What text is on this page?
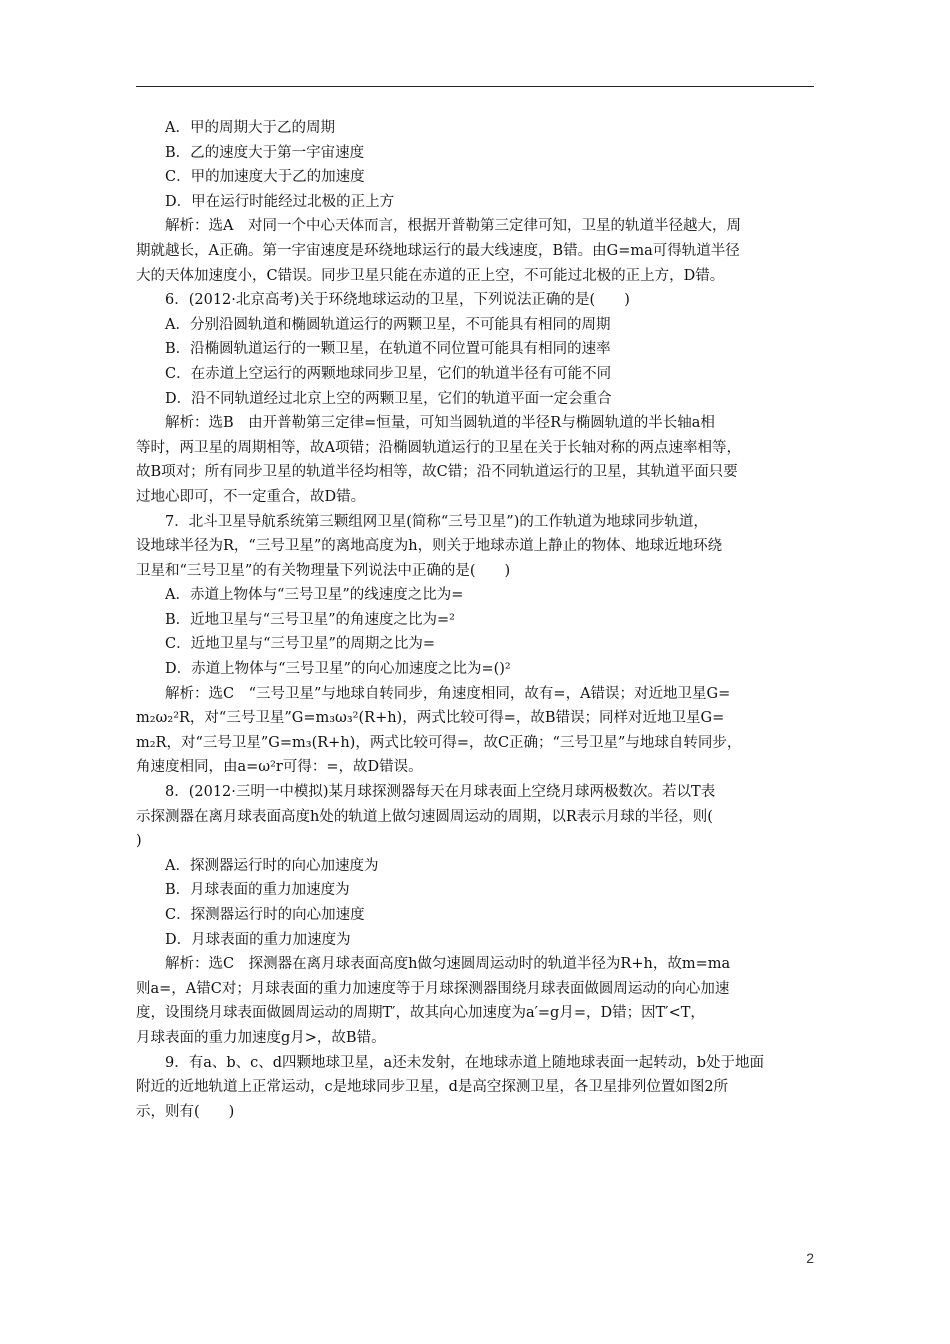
A．甲的周期大于乙的周期
B．乙的速度大于第一宇宙速度
C．甲的加速度大于乙的加速度
D．甲在运行时能经过北极的正上方
解析：选A　对同一个中心天体而言，根据开普勒第三定律可知，卫星的轨道半径越大，周
期就越长，A正确。第一宇宙速度是环绕地球运行的最大线速度，B错。由G=ma可得轨道半径
大的天体加速度小，C错误。同步卫星只能在赤道的正上空，不可能过北极的正上方，D错。
6．(2012·北京高考)关于环绕地球运动的卫星，下列说法正确的是(　　)
A．分别沿圆轨道和椭圆轨道运行的两颗卫星，不可能具有相同的周期
B．沿椭圆轨道运行的一颗卫星，在轨道不同位置可能具有相同的速率
C．在赤道上空运行的两颗地球同步卫星，它们的轨道半径有可能不同
D．沿不同轨道经过北京上空的两颗卫星，它们的轨道平面一定会重合
解析：选B　由开普勒第三定律=恒量，可知当圆轨道的半径R与椭圆轨道的半长轴a相
等时，两卫星的周期相等，故A项错；沿椭圆轨道运行的卫星在关于长轴对称的两点速率相等，
故B项对；所有同步卫星的轨道半径均相等，故C错；沿不同轨道运行的卫星，其轨道平面只要
过地心即可，不一定重合，故D错。
7．北斗卫星导航系统第三颗组网卫星(简称“三号卫星”)的工作轨道为地球同步轨道，
设地球半径为R，“三号卫星”的离地高度为h，则关于地球赤道上静止的物体、地球近地环绕
卫星和“三号卫星”的有关物理量下列说法中正确的是(　　)
A．赤道上物体与“三号卫星”的线速度之比为=
B．近地卫星与“三号卫星”的角速度之比为=²
C．近地卫星与“三号卫星”的周期之比为=
D．赤道上物体与“三号卫星”的向心加速度之比为=()²
解析：选C　“三号卫星”与地球自转同步，角速度相同，故有=，A错误；对近地卫星G=
m₂ω₂²R，对“三号卫星”G=m₃ω₃²(R+h)，两式比较可得=，故B错误；同样对近地卫星G=
m₂R，对“三号卫星”G=m₃(R+h)，两式比较可得=，故C正确；“三号卫星”与地球自转同步，
角速度相同，由a=ω²r可得：=，故D错误。
8．(2012·三明一中模拟)某月球探测器每天在月球表面上空绕月球两极数次。若以T表
示探测器在离月球表面高度h处的轨道上做匀速圆周运动的周期，以R表示月球的半径，则(
)
A．探测器运行时的向心加速度为
B．月球表面的重力加速度为
C．探测器运行时的向心加速度
D．月球表面的重力加速度为
解析：选C　探测器在离月球表面高度h做匀速圆周运动时的轨道半径为R+h，故m=ma
则a=，A错C对；月球表面的重力加速度等于月球探测器围绕月球表面做圆周运动的向心加速
度，设围绕月球表面做圆周运动的周期T′，故其向心加速度为a′=g月=，D错；因T′<T，
月球表面的重力加速度g月>，故B错。
9．有a、b、c、d四颗地球卫星，a还未发射，在地球赤道上随地球表面一起转动，b处于地面
附近的近地轨道上正常运动，c是地球同步卫星，d是高空探测卫星，各卫星排列位置如图2所
示，则有(　　)
2
